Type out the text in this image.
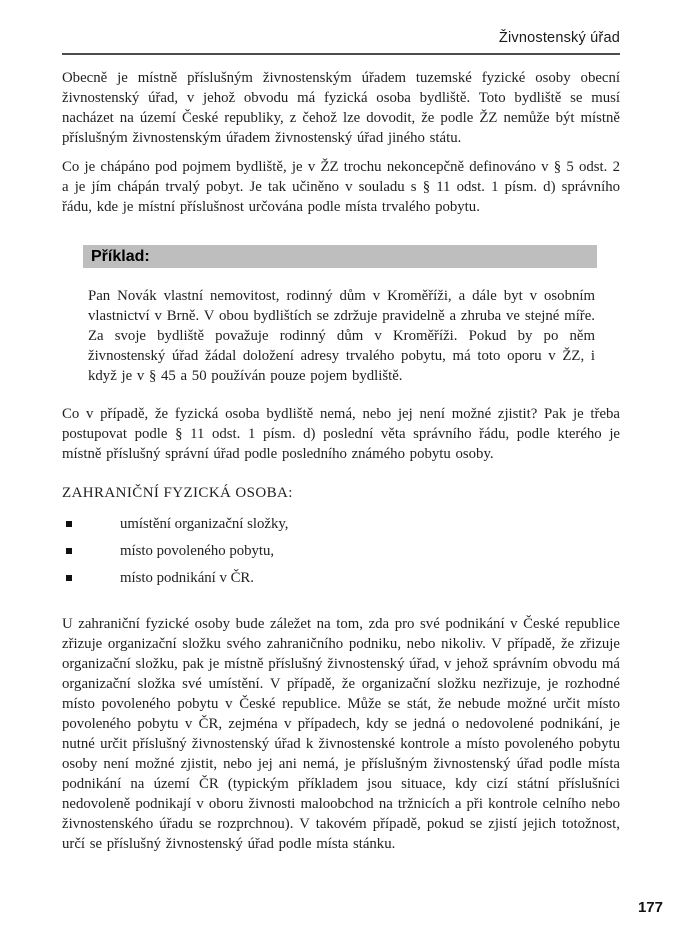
Živnostenský úřad

Obecně je místně příslušným živnostenským úřadem tuzemské fyzické osoby obecní živnostenský úřad, v jehož obvodu má fyzická osoba bydliště. Toto bydliště se musí nacházet na území České republiky, z čehož lze dovodit, že podle ŽZ nemůže být místně příslušným živnostenským úřadem živnostenský úřad jiného státu.

Co je chápáno pod pojmem bydliště, je v ŽZ trochu nekoncepčně definováno v § 5 odst. 2 a je jím chápán trvalý pobyt. Je tak učiněno v souladu s § 11 odst. 1 písm. d) správního řádu, kde je místní příslušnost určována podle místa trvalého pobytu.

Příklad:

Pan Novák vlastní nemovitost, rodinný dům v Kroměříži, a dále byt v osobním vlastnictví v Brně. V obou bydlištích se zdržuje pravidelně a zhruba ve stejné míře. Za svoje bydliště považuje rodinný dům v Kroměříži. Pokud by po něm živnostenský úřad žádal doložení adresy trvalého pobytu, má toto oporu v ŽZ, i když je v § 45 a 50 používán pouze pojem bydliště.

Co v případě, že fyzická osoba bydliště nemá, nebo jej není možné zjistit? Pak je třeba postupovat podle § 11 odst. 1 písm. d) poslední věta správního řádu, podle kterého je místně příslušný správní úřad podle posledního známého pobytu osoby.

ZAHRANIČNÍ FYZICKÁ OSOBA:
umístění organizační složky,
místo povoleného pobytu,
místo podnikání v ČR.

U zahraniční fyzické osoby bude záležet na tom, zda pro své podnikání v České republice zřizuje organizační složku svého zahraničního podniku, nebo nikoliv. V případě, že zřizuje organizační složku, pak je místně příslušný živnostenský úřad, v jehož správním obvodu má organizační složka své umístění. V případě, že organizační složku nezřizuje, je rozhodné místo povoleného pobytu v České republice. Může se stát, že nebude možné určit místo povoleného pobytu v ČR, zejména v případech, kdy se jedná o nedovolené podnikání, je nutné určit příslušný živnostenský úřad k živnostenské kontrole a místo povoleného pobytu osoby není možné zjistit, nebo jej ani nemá, je příslušným živnostenský úřad podle místa podnikání na území ČR (typickým příkladem jsou situace, kdy cizí státní příslušníci nedovoleně podnikají v oboru živnosti maloobchod na tržnicích a při kontrole celního nebo živnostenského úřadu se rozprchnou). V takovém případě, pokud se zjistí jejich totožnost, určí se příslušný živnostenský úřad podle místa stánku.

177
